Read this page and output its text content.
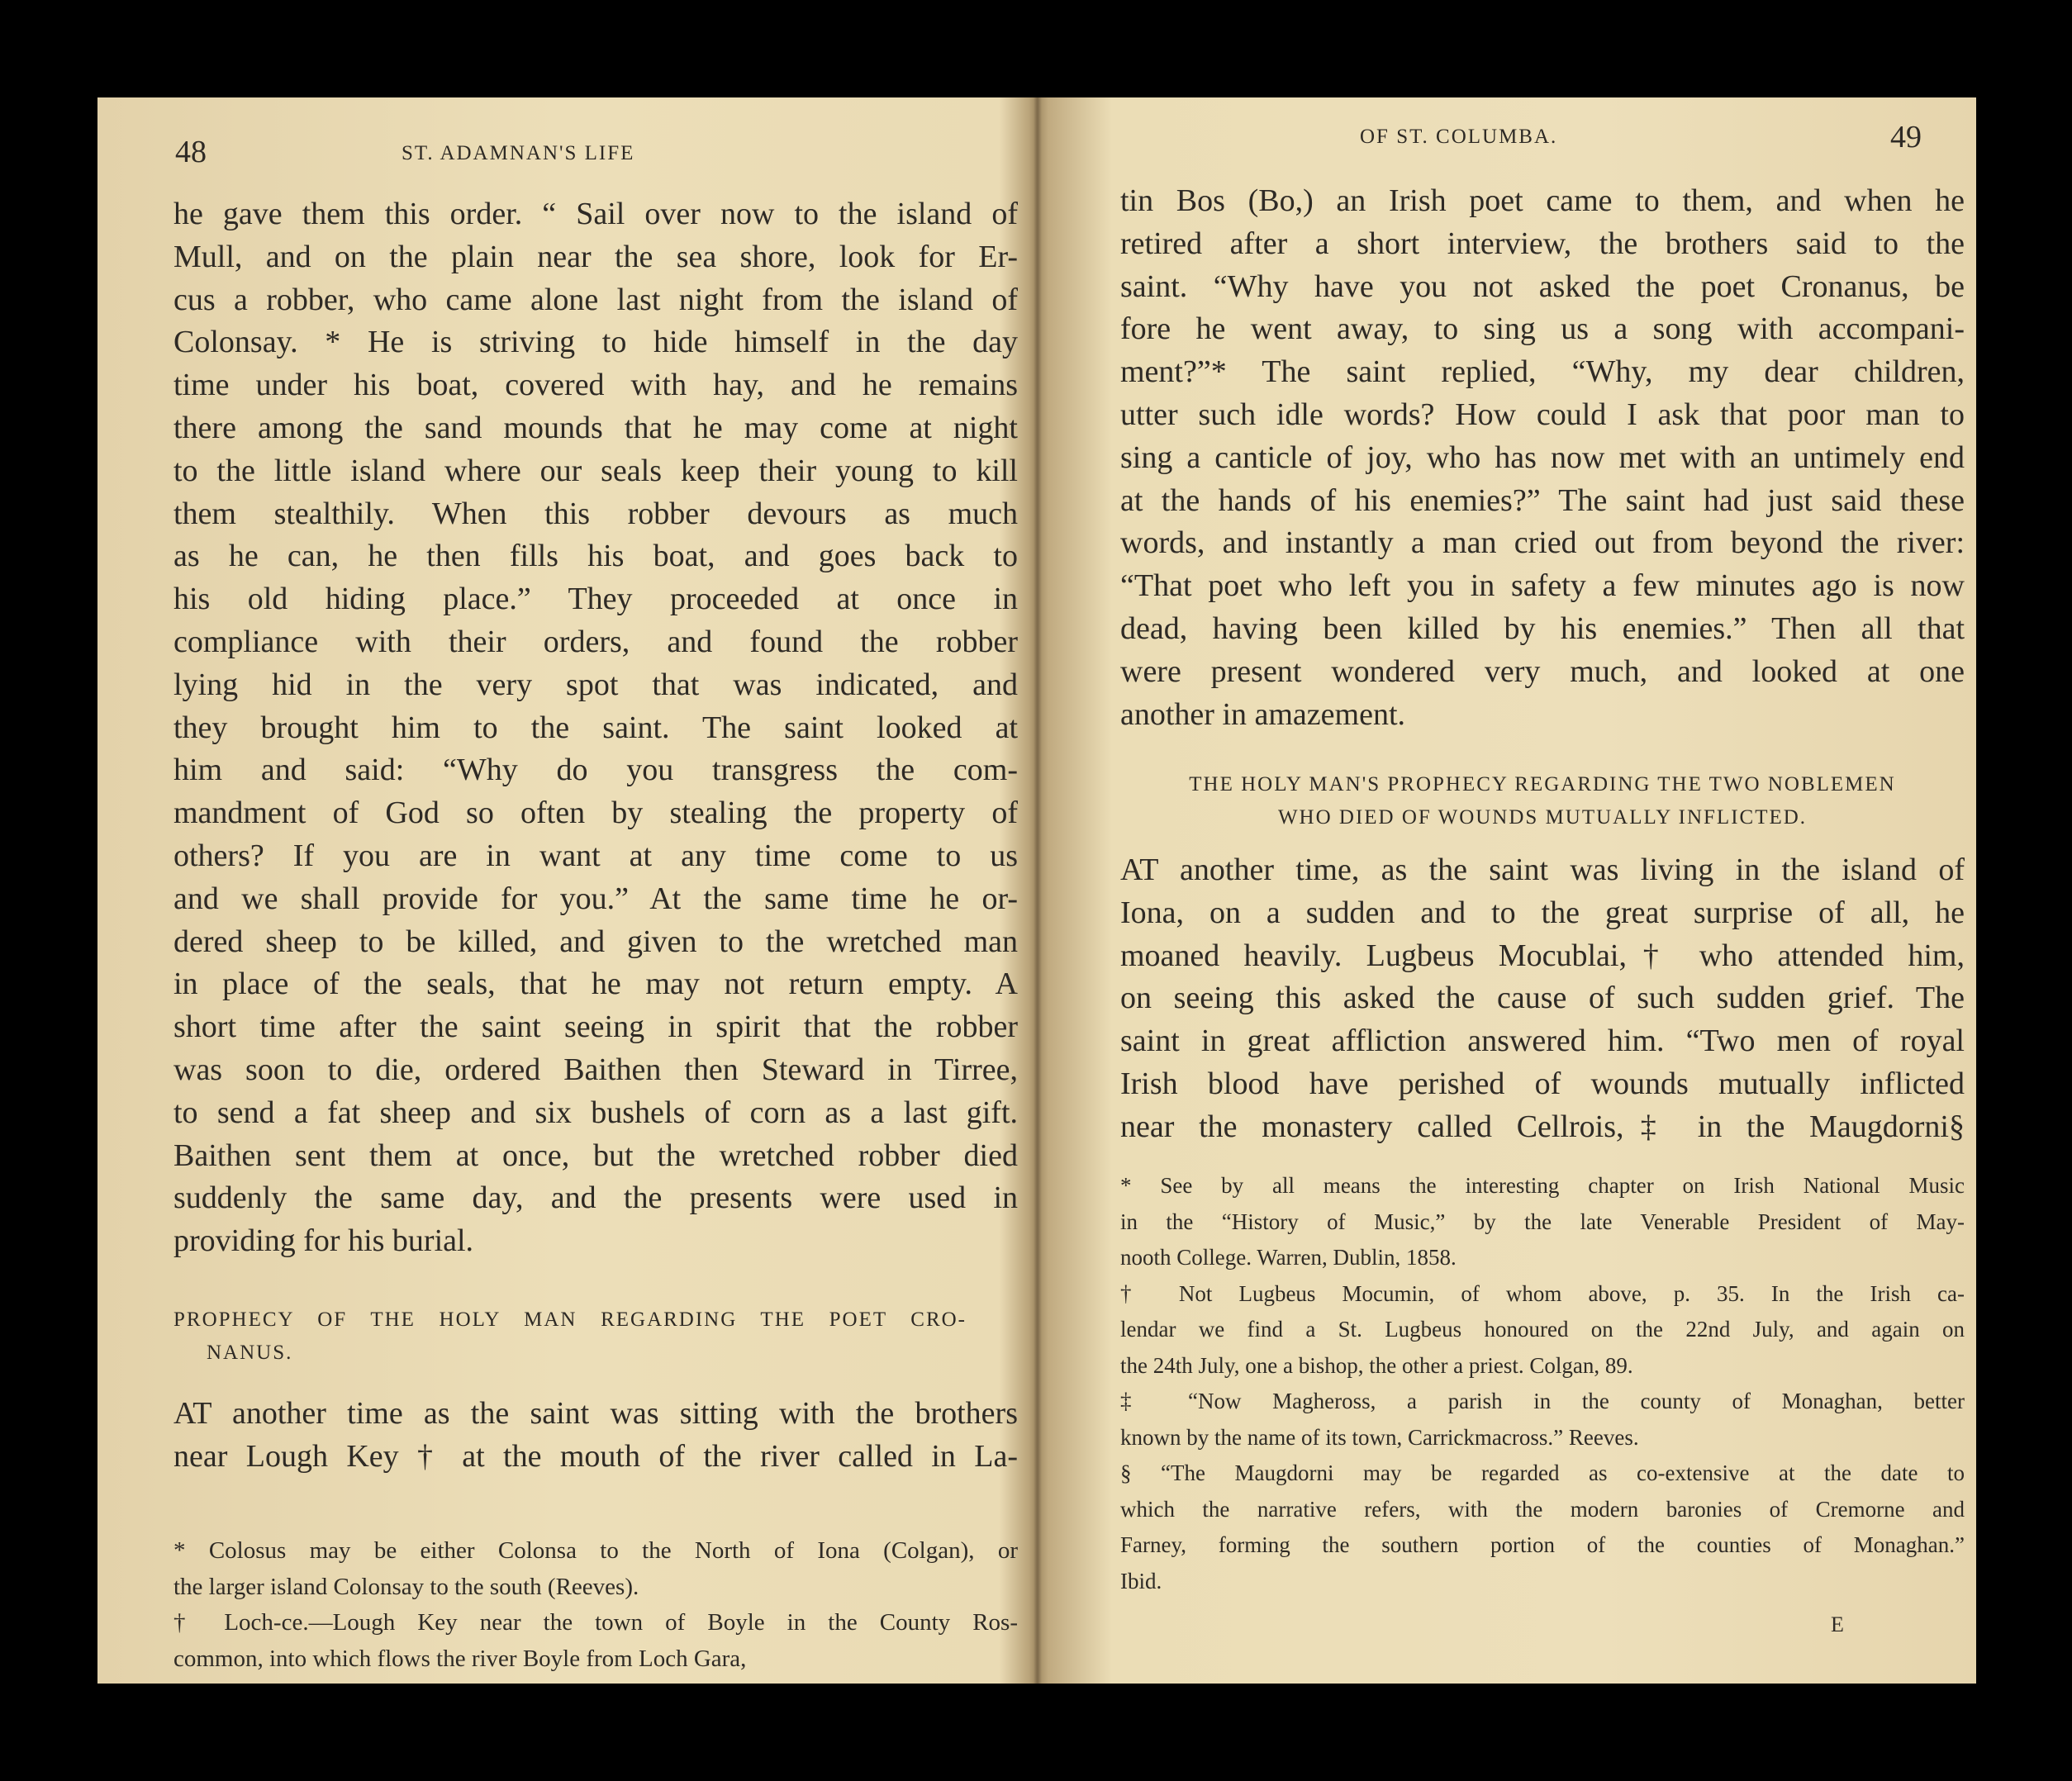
48	ST. ADAMNAN'S LIFE
he gave them this order. “ Sail over now to the island of
Mull, and on the plain near the sea shore, look for Er-
cus a robber, who came alone last night from the island of
Colonsay. * He is striving to hide himself in the day
time under his boat, covered with hay, and he remains
there among the sand mounds that he may come at night
to the little island where our seals keep their young to kill
them stealthily. When this robber devours as much
as he can, he then fills his boat, and goes back to
his old hiding place.” They proceeded at once in
compliance with their orders, and found the robber
lying hid in the very spot that was indicated, and
they brought him to the saint. The saint looked at
him and said: “Why do you transgress the com-
mandment of God so often by stealing the property of
others? If you are in want at any time come to us
and we shall provide for you.” At the same time he or-
dered sheep to be killed, and given to the wretched man
in place of the seals, that he may not return empty. A
short time after the saint seeing in spirit that the robber
was soon to die, ordered Baithen then Steward in Tirree,
to send a fat sheep and six bushels of corn as a last gift.
Baithen sent them at once, but the wretched robber died
suddenly the same day, and the presents were used in
providing for his burial.
PROPHECY OF THE HOLY MAN REGARDING THE POET CRO-
NANUS.
AT another time as the saint was sitting with the brothers
near Lough Key † at the mouth of the river called in La-
* Colosus may be either Colonsa to the North of Iona (Colgan), or
the larger island Colonsay to the south (Reeves).
† Loch-ce.—Lough Key near the town of Boyle in the County Ros-
common, into which flows the river Boyle from Loch Gara,
OF ST. COLUMBA.	49
tin Bos (Bo,) an Irish poet came to them, and when he
retired after a short interview, the brothers said to the
saint. “Why have you not asked the poet Cronanus, be
fore he went away, to sing us a song with accompani-
ment?”* The saint replied, “Why, my dear children,
utter such idle words? How could I ask that poor man to
sing a canticle of joy, who has now met with an untimely end
at the hands of his enemies?” The saint had just said these
words, and instantly a man cried out from beyond the river:
“That poet who left you in safety a few minutes ago is now
dead, having been killed by his enemies.” Then all that
were present wondered very much, and looked at one
another in amazement.
THE HOLY MAN'S PROPHECY REGARDING THE TWO NOBLEMEN
WHO DIED OF WOUNDS MUTUALLY INFLICTED.
AT another time, as the saint was living in the island of
Iona, on a sudden and to the great surprise of all, he
moaned heavily. Lugbeus Mocublai,† who attended him,
on seeing this asked the cause of such sudden grief. The
saint in great affliction answered him. “Two men of royal
Irish blood have perished of wounds mutually inflicted
near the monastery called Cellrois,‡ in the Maugdorni§
* See by all means the interesting chapter on Irish National Music
in the “History of Music,” by the late Venerable President of May-
nooth College. Warren, Dublin, 1858.
† Not Lugbeus Mocumin, of whom above, p. 35. In the Irish ca-
lendar we find a St. Lugbeus honoured on the 22nd July, and again on
the 24th July, one a bishop, the other a priest. Colgan, 89.
‡ “Now Magheross, a parish in the county of Monaghan, better
known by the name of its town, Carrickmacross.” Reeves.
§ “The Maugdorni may be regarded as co-extensive at the date to
which the narrative refers, with the modern baronies of Cremorne and
Farney, forming the southern portion of the counties of Monaghan.”
Ibid.
E
